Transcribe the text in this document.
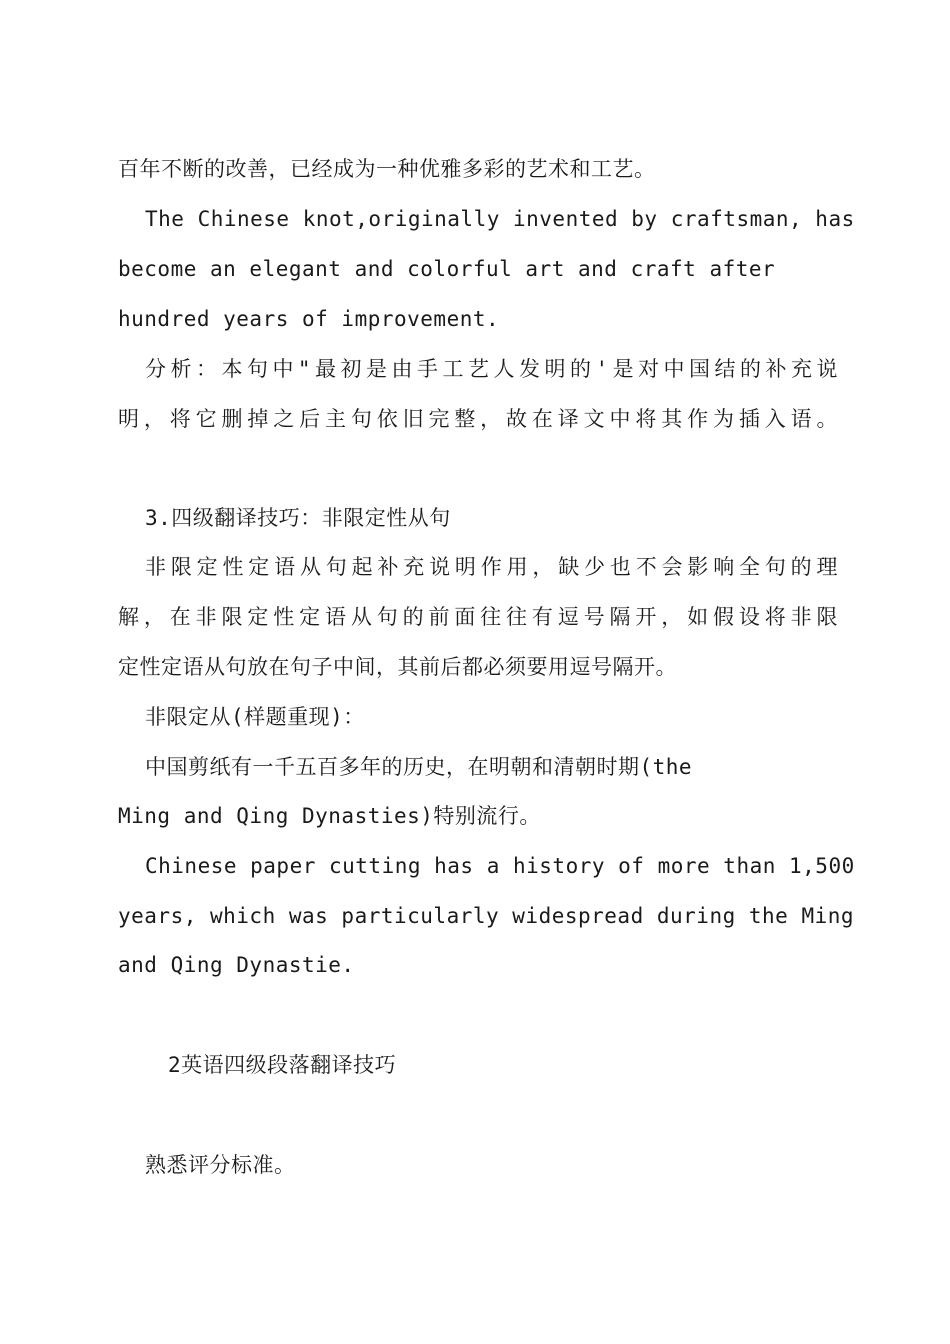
百年不断的改善，已经成为一种优雅多彩的艺术和工艺。
The Chinese knot,originally invented by craftsman, has
become an elegant and colorful art and craft after
hundred years of improvement.
分析：本句中"最初是由手工艺人发明的'是对中国结的补充说
明，将它删掉之后主句依旧完整，故在译文中将其作为插入语。
3.四级翻译技巧：非限定性从句
非限定性定语从句起补充说明作用，缺少也不会影响全句的理
解，在非限定性定语从句的前面往往有逗号隔开，如假设将非限
定性定语从句放在句子中间，其前后都必须要用逗号隔开。
非限定从(样题重现)：
中国剪纸有一千五百多年的历史，在明朝和清朝时期(the
Ming and Qing Dynasties)特别流行。
Chinese paper cutting has a history of more than 1,500
years, which was particularly widespread during the Ming
and Qing Dynastie.
2英语四级段落翻译技巧
熟悉评分标准。
